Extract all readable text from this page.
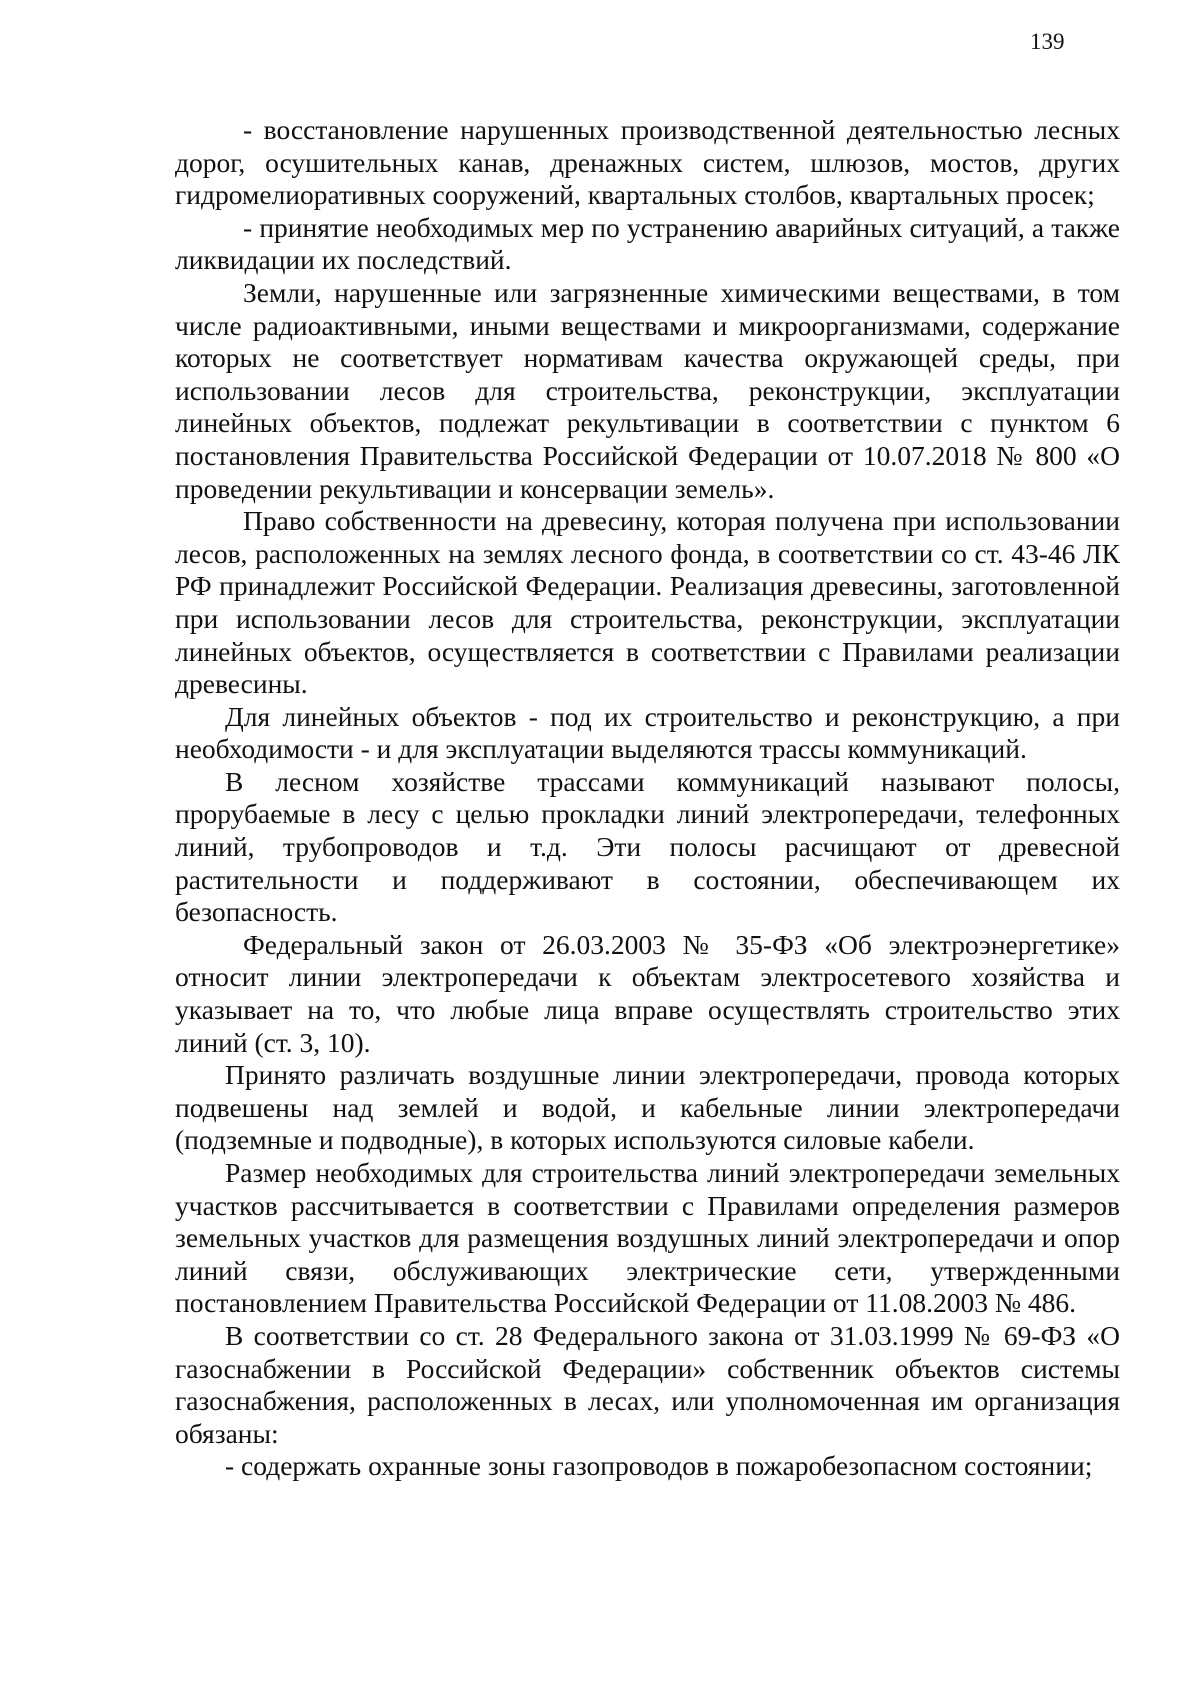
139

- восстановление нарушенных производственной деятельностью лесных дорог, осушительных канав, дренажных систем, шлюзов, мостов, других гидромелиоративных сооружений, квартальных столбов, квартальных просек;

- принятие необходимых мер по устранению аварийных ситуаций, а также ликвидации их последствий.

Земли, нарушенные или загрязненные химическими веществами, в том числе радиоактивными, иными веществами и микроорганизмами, содержание которых не соответствует нормативам качества окружающей среды, при использовании лесов для строительства, реконструкции, эксплуатации линейных объектов, подлежат рекультивации в соответствии с пунктом 6 постановления Правительства Российской Федерации от 10.07.2018 № 800 «О проведении рекультивации и консервации земель».

Право собственности на древесину, которая получена при использовании лесов, расположенных на землях лесного фонда, в соответствии со ст. 43-46 ЛК РФ принадлежит Российской Федерации. Реализация древесины, заготовленной при использовании лесов для строительства, реконструкции, эксплуатации линейных объектов, осуществляется в соответствии с Правилами реализации древесины.

Для линейных объектов - под их строительство и реконструкцию, а при необходимости - и для эксплуатации выделяются трассы коммуникаций.

В лесном хозяйстве трассами коммуникаций называют полосы, прорубаемые в лесу с целью прокладки линий электропередачи, телефонных линий, трубопроводов и т.д. Эти полосы расчищают от древесной растительности и поддерживают в состоянии, обеспечивающем их безопасность.

Федеральный закон от 26.03.2003 № 35-ФЗ «Об электроэнергетике» относит линии электропередачи к объектам электросетевого хозяйства и указывает на то, что любые лица вправе осуществлять строительство этих линий (ст. 3, 10).

Принято различать воздушные линии электропередачи, провода которых подвешены над землей и водой, и кабельные линии электропередачи (подземные и подводные), в которых используются силовые кабели.

Размер необходимых для строительства линий электропередачи земельных участков рассчитывается в соответствии с Правилами определения размеров земельных участков для размещения воздушных линий электропередачи и опор линий связи, обслуживающих электрические сети, утвержденными постановлением Правительства Российской Федерации от 11.08.2003 № 486.

В соответствии со ст. 28 Федерального закона от 31.03.1999 № 69-ФЗ «О газоснабжении в Российской Федерации» собственник объектов системы газоснабжения, расположенных в лесах, или уполномоченная им организация обязаны:

- содержать охранные зоны газопроводов в пожаробезопасном состоянии;
